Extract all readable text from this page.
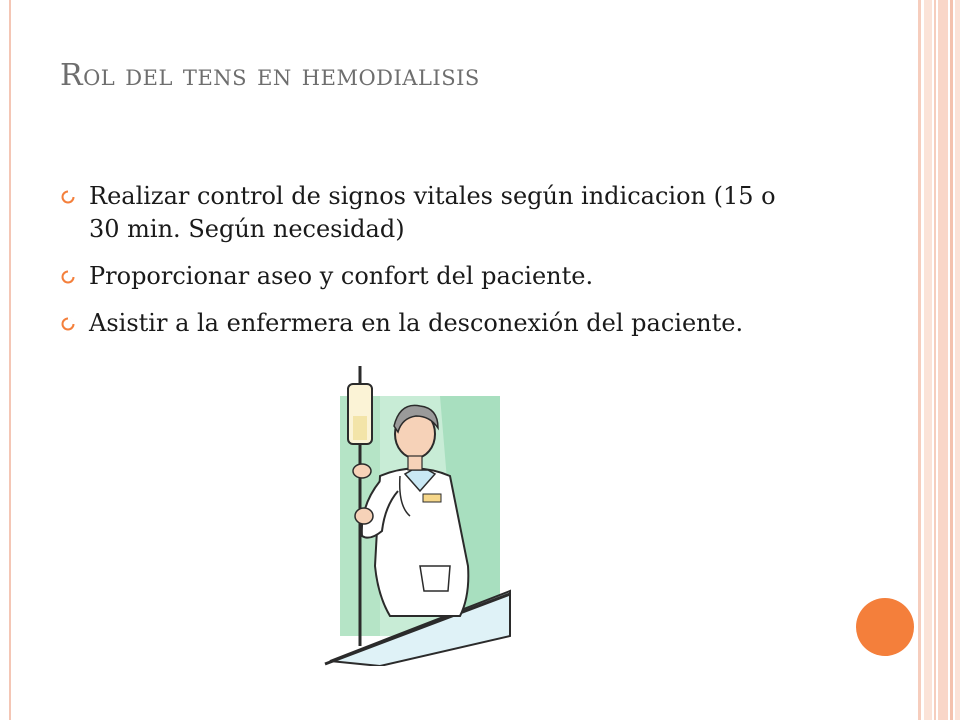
Rol del tens en hemodialisis
Realizar control de signos vitales según indicacion (15 o 30 min. Según necesidad)
Proporcionar aseo y confort del paciente.
Asistir a la enfermera en la desconexión del paciente.
